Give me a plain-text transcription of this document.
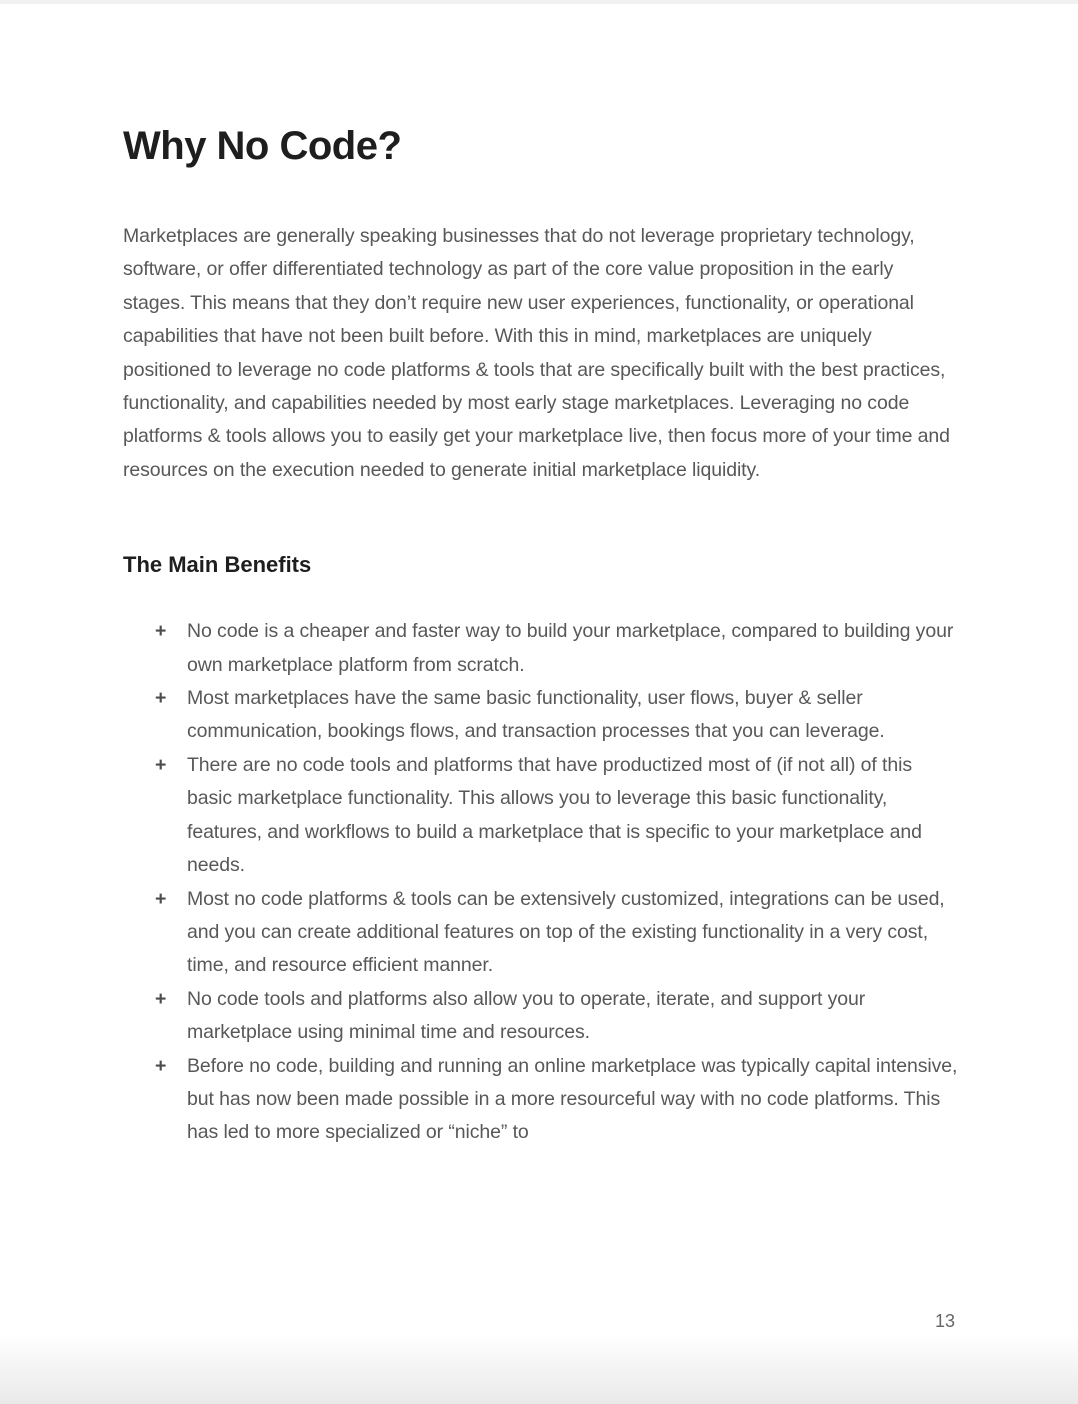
Why No Code?

Marketplaces are generally speaking businesses that do not leverage proprietary technology, software, or offer differentiated technology as part of the core value proposition in the early stages. This means that they don’t require new user experiences, functionality, or operational capabilities that have not been built before. With this in mind, marketplaces are uniquely positioned to leverage no code platforms & tools that are specifically built with the best practices, functionality, and capabilities needed by most early stage marketplaces. Leveraging no code platforms & tools allows you to easily get your marketplace live, then focus more of your time and resources on the execution needed to generate initial marketplace liquidity.

The Main Benefits
+	No code is a cheaper and faster way to build your marketplace, compared to building your own marketplace platform from scratch.
+	Most marketplaces have the same basic functionality, user flows, buyer & seller communication, bookings flows, and transaction processes that you can leverage.
+	There are no code tools and platforms that have productized most of (if not all) of this basic marketplace functionality. This allows you to leverage this basic functionality, features, and workflows to build a marketplace that is specific to your marketplace and needs.
+	Most no code platforms & tools can be extensively customized, integrations can be used, and you can create additional features on top of the existing functionality in a very cost, time, and resource efficient manner.
+	No code tools and platforms also allow you to operate, iterate, and support your marketplace using minimal time and resources.
+	Before no code, building and running an online marketplace was typically capital intensive, but has now been made possible in a more resourceful way with no code platforms. This has led to more specialized or “niche” to
13
